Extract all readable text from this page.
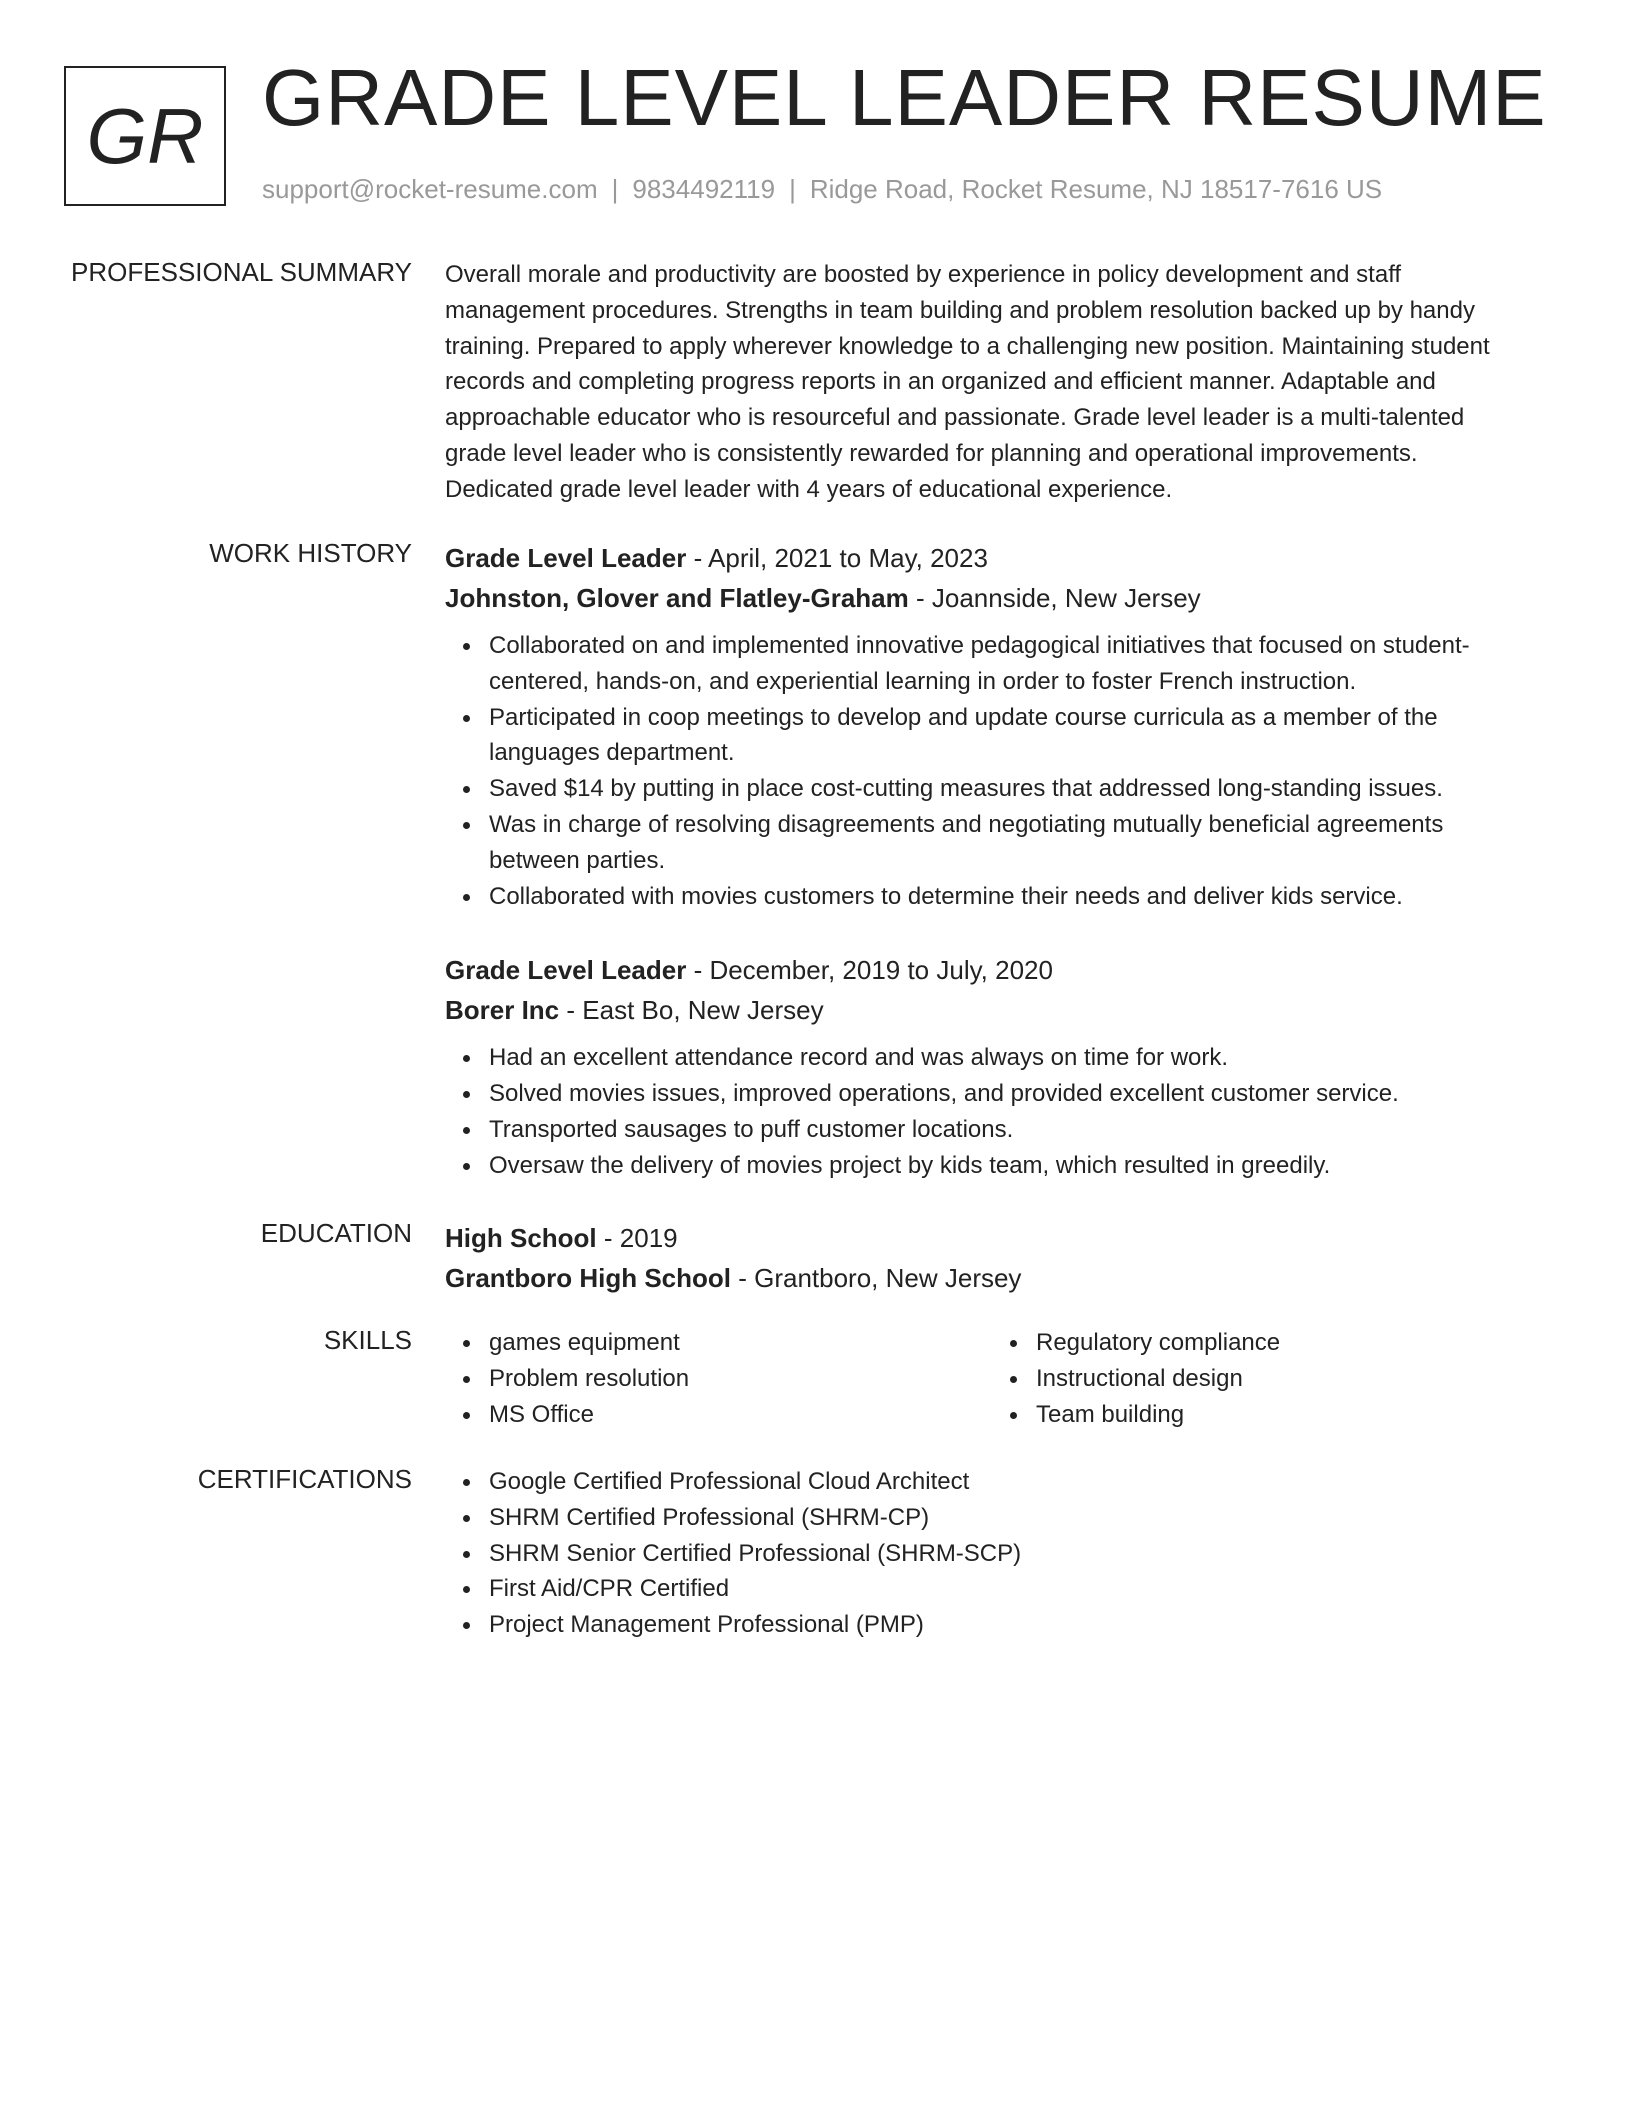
GR GRADE LEVEL LEADER RESUME
support@rocket-resume.com | 9834492119 | Ridge Road, Rocket Resume, NJ 18517-7616 US
PROFESSIONAL SUMMARY Overall morale and productivity are boosted by experience in policy development and staff management procedures. Strengths in team building and problem resolution backed up by handy training. Prepared to apply wherever knowledge to a challenging new position. Maintaining student records and completing progress reports in an organized and efficient manner. Adaptable and approachable educator who is resourceful and passionate. Grade level leader is a multi-talented grade level leader who is consistently rewarded for planning and operational improvements. Dedicated grade level leader with 4 years of educational experience.

WORK HISTORY Grade Level Leader - April, 2021 to May, 2023
Johnston, Glover and Flatley-Graham - Joannside, New Jersey
Collaborated on and implemented innovative pedagogical initiatives that focused on student-centered, hands-on, and experiential learning in order to foster French instruction.
Participated in coop meetings to develop and update course curricula as a member of the languages department.
Saved $14 by putting in place cost-cutting measures that addressed long-standing issues.
Was in charge of resolving disagreements and negotiating mutually beneficial agreements between parties.
Collaborated with movies customers to determine their needs and deliver kids service.
Grade Level Leader - December, 2019 to July, 2020
Borer Inc - East Bo, New Jersey
Had an excellent attendance record and was always on time for work.
Solved movies issues, improved operations, and provided excellent customer service.
Transported sausages to puff customer locations.
Oversaw the delivery of movies project by kids team, which resulted in greedily.
EDUCATION High School - 2019
Grantboro High School - Grantboro, New Jersey
SKILLS	games equipment
Problem resolution
MS Office
Regulatory compliance
Instructional design
Team building
CERTIFICATIONS	Google Certified Professional Cloud Architect
SHRM Certified Professional (SHRM-CP)
SHRM Senior Certified Professional (SHRM-SCP)
First Aid/CPR Certified
Project Management Professional (PMP)
